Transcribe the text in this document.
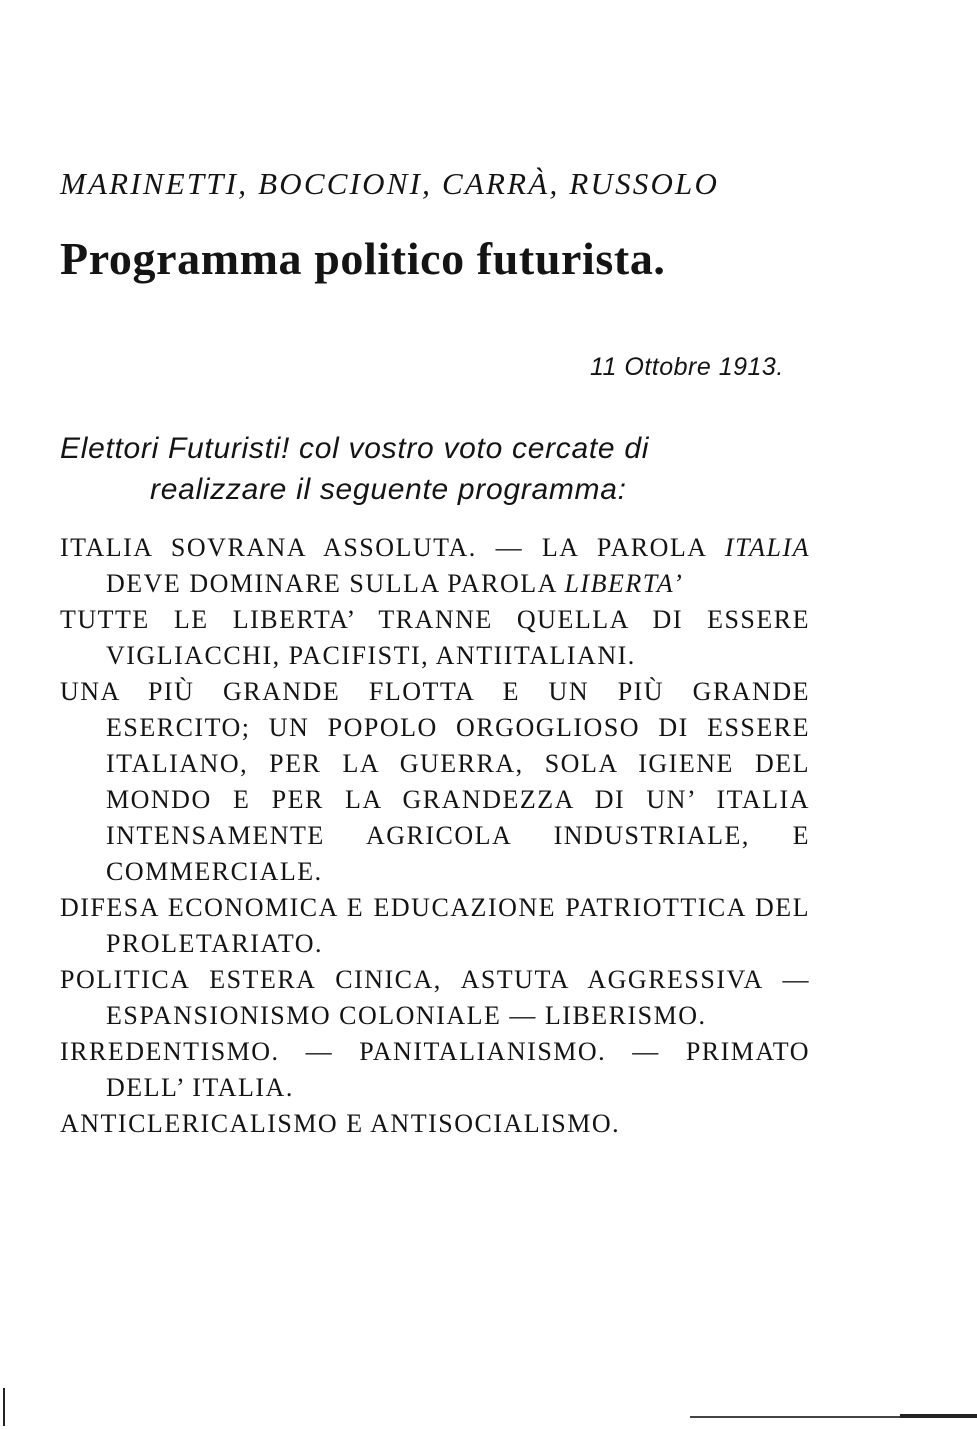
MARINETTI, BOCCIONI, CARRÀ, RUSSOLO
Programma politico futurista.
11 Ottobre 1913.
Elettori Futuristi! col vostro voto cercate di
realizzare il seguente programma:
ITALIA SOVRANA ASSOLUTA. — LA PAROLA ITALIA DEVE DOMINARE SULLA PAROLA LIBERTA’
TUTTE LE LIBERTA’ TRANNE QUELLA DI ESSERE VIGLIACCHI, PACIFISTI, ANTIITALIANI.
UNA PIÙ GRANDE FLOTTA E UN PIÙ GRANDE ESERCITO; UN POPOLO ORGOGLIOSO DI ESSERE ITALIANO, PER LA GUERRA, SOLA IGIENE DEL MONDO E PER LA GRANDEZZA DI UN’ ITALIA INTENSAMENTE AGRICOLA INDUSTRIALE, E COMMERCIALE.
DIFESA ECONOMICA E EDUCAZIONE PATRIOTTICA DEL PROLETARIATO.
POLITICA ESTERA CINICA, ASTUTA AGGRESSIVA — ESPANSIONISMO COLONIALE — LIBERISMO.
IRREDENTISMO. — PANITALIANISMO. — PRIMATO DELL’ ITALIA.
ANTICLERICALISMO E ANTISOCIALISMO.
